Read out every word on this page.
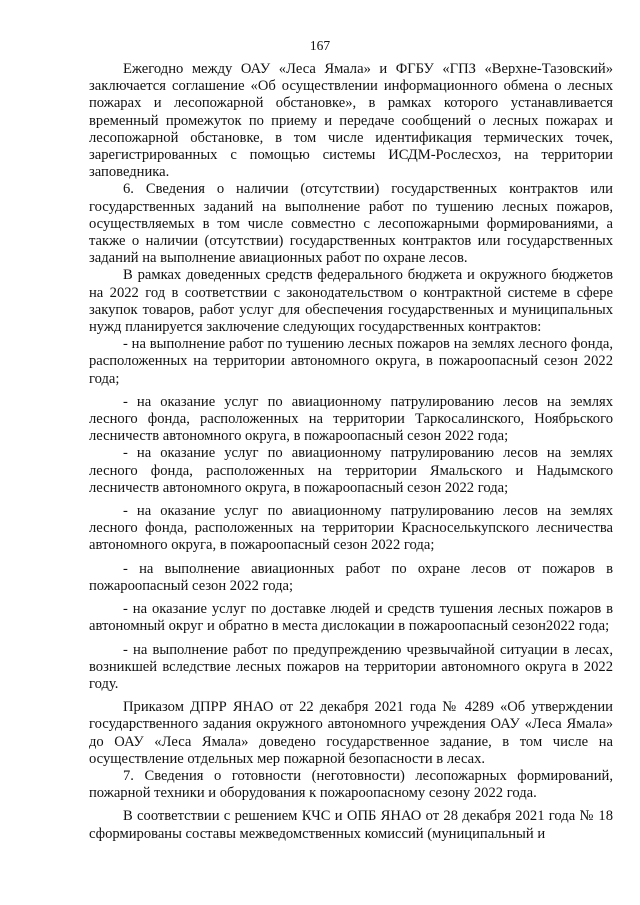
167

Ежегодно между ОАУ «Леса Ямала» и ФГБУ «ГПЗ «Верхне-Тазовский» заключается соглашение «Об осуществлении информационного обмена о лесных пожарах и лесопожарной обстановке», в рамках которого устанавливается временный промежуток по приему и передаче сообщений о лесных пожарах и лесопожарной обстановке, в том числе идентификация термических точек, зарегистрированных с помощью системы ИСДМ-Рослесхоз, на территории заповедника.

6. Сведения о наличии (отсутствии) государственных контрактов или государственных заданий на выполнение работ по тушению лесных пожаров, осуществляемых в том числе совместно с лесопожарными формированиями, а также о наличии (отсутствии) государственных контрактов или государственных заданий на выполнение авиационных работ по охране лесов.

В рамках доведенных средств федерального бюджета и окружного бюджетов на 2022 год в соответствии с законодательством о контрактной системе в сфере закупок товаров, работ услуг для обеспечения государственных и муниципальных нужд планируется заключение следующих государственных контрактов:

- на выполнение работ по тушению лесных пожаров на землях лесного фонда, расположенных на территории автономного округа, в пожароопасный сезон 2022 года;

- на оказание услуг по авиационному патрулированию лесов на землях лесного фонда, расположенных на территории Таркосалинского, Ноябрьского лесничеств автономного округа, в пожароопасный сезон 2022 года;

- на оказание услуг по авиационному патрулированию лесов на землях лесного фонда, расположенных на территории Ямальского и Надымского лесничеств автономного округа, в пожароопасный сезон 2022 года;

- на оказание услуг по авиационному патрулированию лесов на землях лесного фонда, расположенных на территории Красноселькупского лесничества автономного округа, в пожароопасный сезон 2022 года;

- на выполнение авиационных работ по охране лесов от пожаров в пожароопасный сезон 2022 года;

- на оказание услуг по доставке людей и средств тушения лесных пожаров в автономный округ и обратно в места дислокации в пожароопасный сезон2022 года;

- на выполнение работ по предупреждению чрезвычайной ситуации в лесах, возникшей вследствие лесных пожаров на территории автономного округа в 2022 году.

Приказом ДПРР ЯНАО от 22 декабря 2021 года № 4289 «Об утверждении государственного задания окружного автономного учреждения ОАУ «Леса Ямала» до ОАУ «Леса Ямала» доведено государственное задание, в том числе на осуществление отдельных мер пожарной безопасности в лесах.

7. Сведения о готовности (неготовности) лесопожарных формирований, пожарной техники и оборудования к пожароопасному сезону 2022 года.

В соответствии с решением КЧС и ОПБ ЯНАО от 28 декабря 2021 года № 18 сформированы составы межведомственных комиссий (муниципальный и
